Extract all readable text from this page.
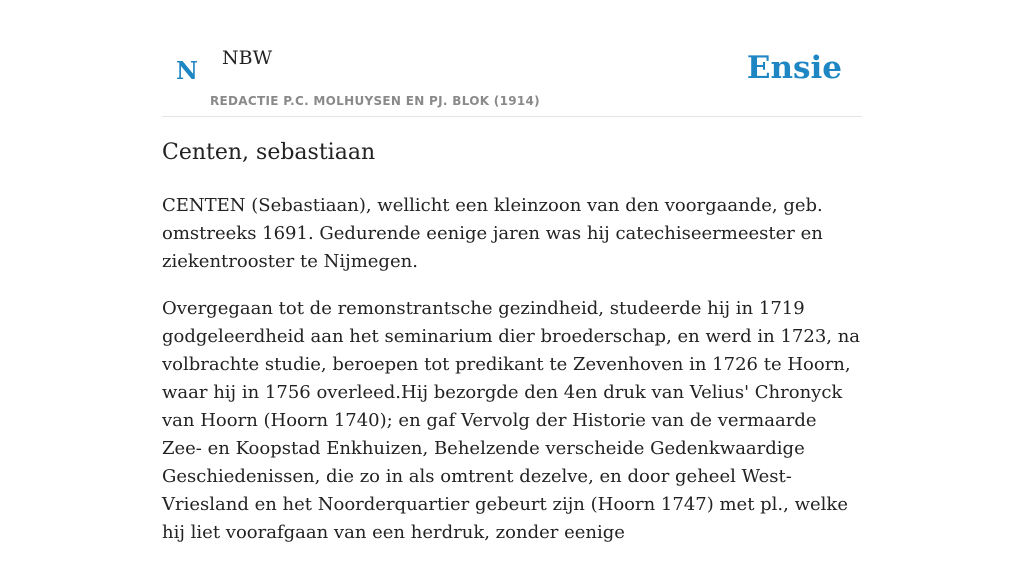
N NBW
REDACTIE P.C. MOLHUYSEN EN PJ. BLOK (1914)
Ensie
Centen, sebastiaan

CENTEN (Sebastiaan), wellicht een kleinzoon van den voorgaande, geb. omstreeks 1691. Gedurende eenige jaren was hij catechiseermeester en ziekentrooster te Nijmegen.

Overgegaan tot de remonstrantsche gezindheid, studeerde hij in 1719 godgeleerdheid aan het seminarium dier broederschap, en werd in 1723, na volbrachte studie, beroepen tot predikant te Zevenhoven in 1726 te Hoorn, waar hij in 1756 overleed.Hij bezorgde den 4en druk van Velius' Chronyck van Hoorn (Hoorn 1740); en gaf Vervolg der Historie van de vermaarde Zee- en Koopstad Enkhuizen, Behelzende verscheide Gedenkwaardige Geschiedenissen, die zo in als omtrent dezelve, en door geheel West- Vriesland en het Noorderquartier gebeurt zijn (Hoorn 1747) met pl., welke hij liet voorafgaan van een herdruk, zonder eenige
